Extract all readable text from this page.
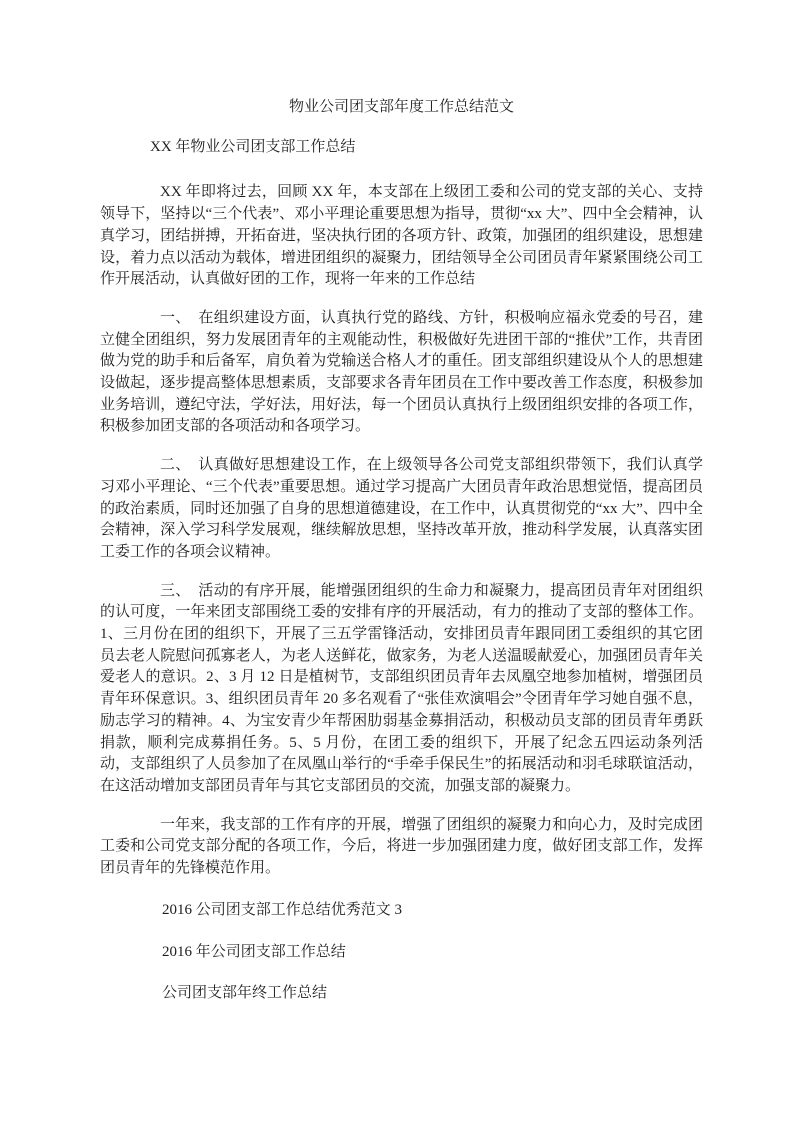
物业公司团支部年度工作总结范文

XX 年物业公司团支部工作总结

XX 年即将过去，回顾 XX 年，本支部在上级团工委和公司的党支部的关心、支持领导下，坚持以“三个代表”、邓小平理论重要思想为指导，贯彻“xx 大”、四中全会精神，认真学习，团结拼搏，开拓奋进，坚决执行团的各项方针、政策，加强团的组织建设，思想建设，着力点以活动为载体，增进团组织的凝聚力，团结领导全公司团员青年紧紧围绕公司工作开展活动，认真做好团的工作，现将一年来的工作总结

一、　在组织建设方面，认真执行党的路线、方针，积极响应福永党委的号召，建立健全团组织，努力发展团青年的主观能动性，积极做好先进团干部的“推伏”工作，共青团做为党的助手和后备军，肩负着为党输送合格人才的重任。团支部组织建设从个人的思想建设做起，逐步提高整体思想素质，支部要求各青年团员在工作中要改善工作态度，积极参加业务培训，遵纪守法，学好法，用好法，每一个团员认真执行上级团组织安排的各项工作，积极参加团支部的各项活动和各项学习。

二、　认真做好思想建设工作，在上级领导各公司党支部组织带领下，我们认真学习邓小平理论、“三个代表”重要思想。通过学习提高广大团员青年政治思想觉悟，提高团员的政治素质，同时还加强了自身的思想道德建设，在工作中，认真贯彻党的“xx 大”、四中全会精神，深入学习科学发展观，继续解放思想，坚持改革开放，推动科学发展，认真落实团工委工作的各项会议精神。

三、　活动的有序开展，能增强团组织的生命力和凝聚力，提高团员青年对团组织的认可度，一年来团支部围绕工委的安排有序的开展活动，有力的推动了支部的整体工作。1、三月份在团的组织下，开展了三五学雷锋活动，安排团员青年跟同团工委组织的其它团员去老人院慰问孤寡老人，为老人送鲜花，做家务，为老人送温暖献爱心，加强团员青年关爱老人的意识。2、3 月 12 日是植树节，支部组织团员青年去凤凰空地参加植树，增强团员青年环保意识。3、组织团员青年 20 多名观看了“张佳欢演唱会”令团青年学习她自强不息，励志学习的精神。4、为宝安青少年帮困肋弱基金募捐活动，积极动员支部的团员青年勇跃捐款，顺利完成募捐任务。5、5 月份，在团工委的组织下，开展了纪念五四运动条列活动，支部组织了人员参加了在凤凰山举行的“手牵手保民生”的拓展活动和羽毛球联谊活动，在这活动增加支部团员青年与其它支部团员的交流，加强支部的凝聚力。

一年来，我支部的工作有序的开展，增强了团组织的凝聚力和向心力，及时完成团工委和公司党支部分配的各项工作，今后，将进一步加强团建力度，做好团支部工作，发挥团员青年的先锋模范作用。

2016 公司团支部工作总结优秀范文 3

2016 年公司团支部工作总结

公司团支部年终工作总结
